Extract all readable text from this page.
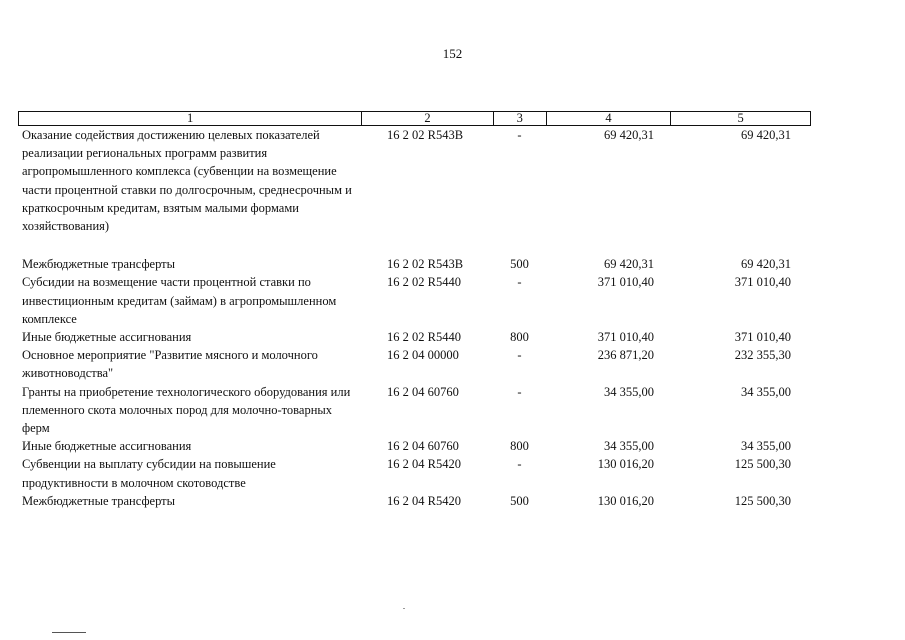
152
1	2	3	4	5
Оказание содействия достижению целевых показателей реализации региональных программ развития агропромышленного комплекса (субвенции на возмещение части процентной ставки по долгосрочным, среднесрочным и краткосрочным кредитам, взятым малыми формами хозяйствования)
16 2 02 R543В	-	69 420,31	69 420,31
Межбюджетные трансферты	16 2 02 R543В	500	69 420,31	69 420,31
Субсидии на возмещение части процентной ставки по инвестиционным кредитам (займам) в агропромышленном комплексе
16 2 02 R5440	-	371 010,40	371 010,40
Иные бюджетные ассигнования	16 2 02 R5440	800	371 010,40	371 010,40
Основное мероприятие "Развитие мясного и молочного животноводства"
16 2 04 00000	-	236 871,20	232 355,30
Гранты на приобретение технологического оборудования или племенного скота молочных пород для молочно-товарных ферм
16 2 04 60760	-	34 355,00	34 355,00
Иные бюджетные ассигнования	16 2 04 60760	800	34 355,00	34 355,00
Субвенции на выплату субсидии на повышение продуктивности в молочном скотоводстве
16 2 04 R5420	-	130 016,20	125 500,30
Межбюджетные трансферты	16 2 04 R5420	500	130 016,20	125 500,30
